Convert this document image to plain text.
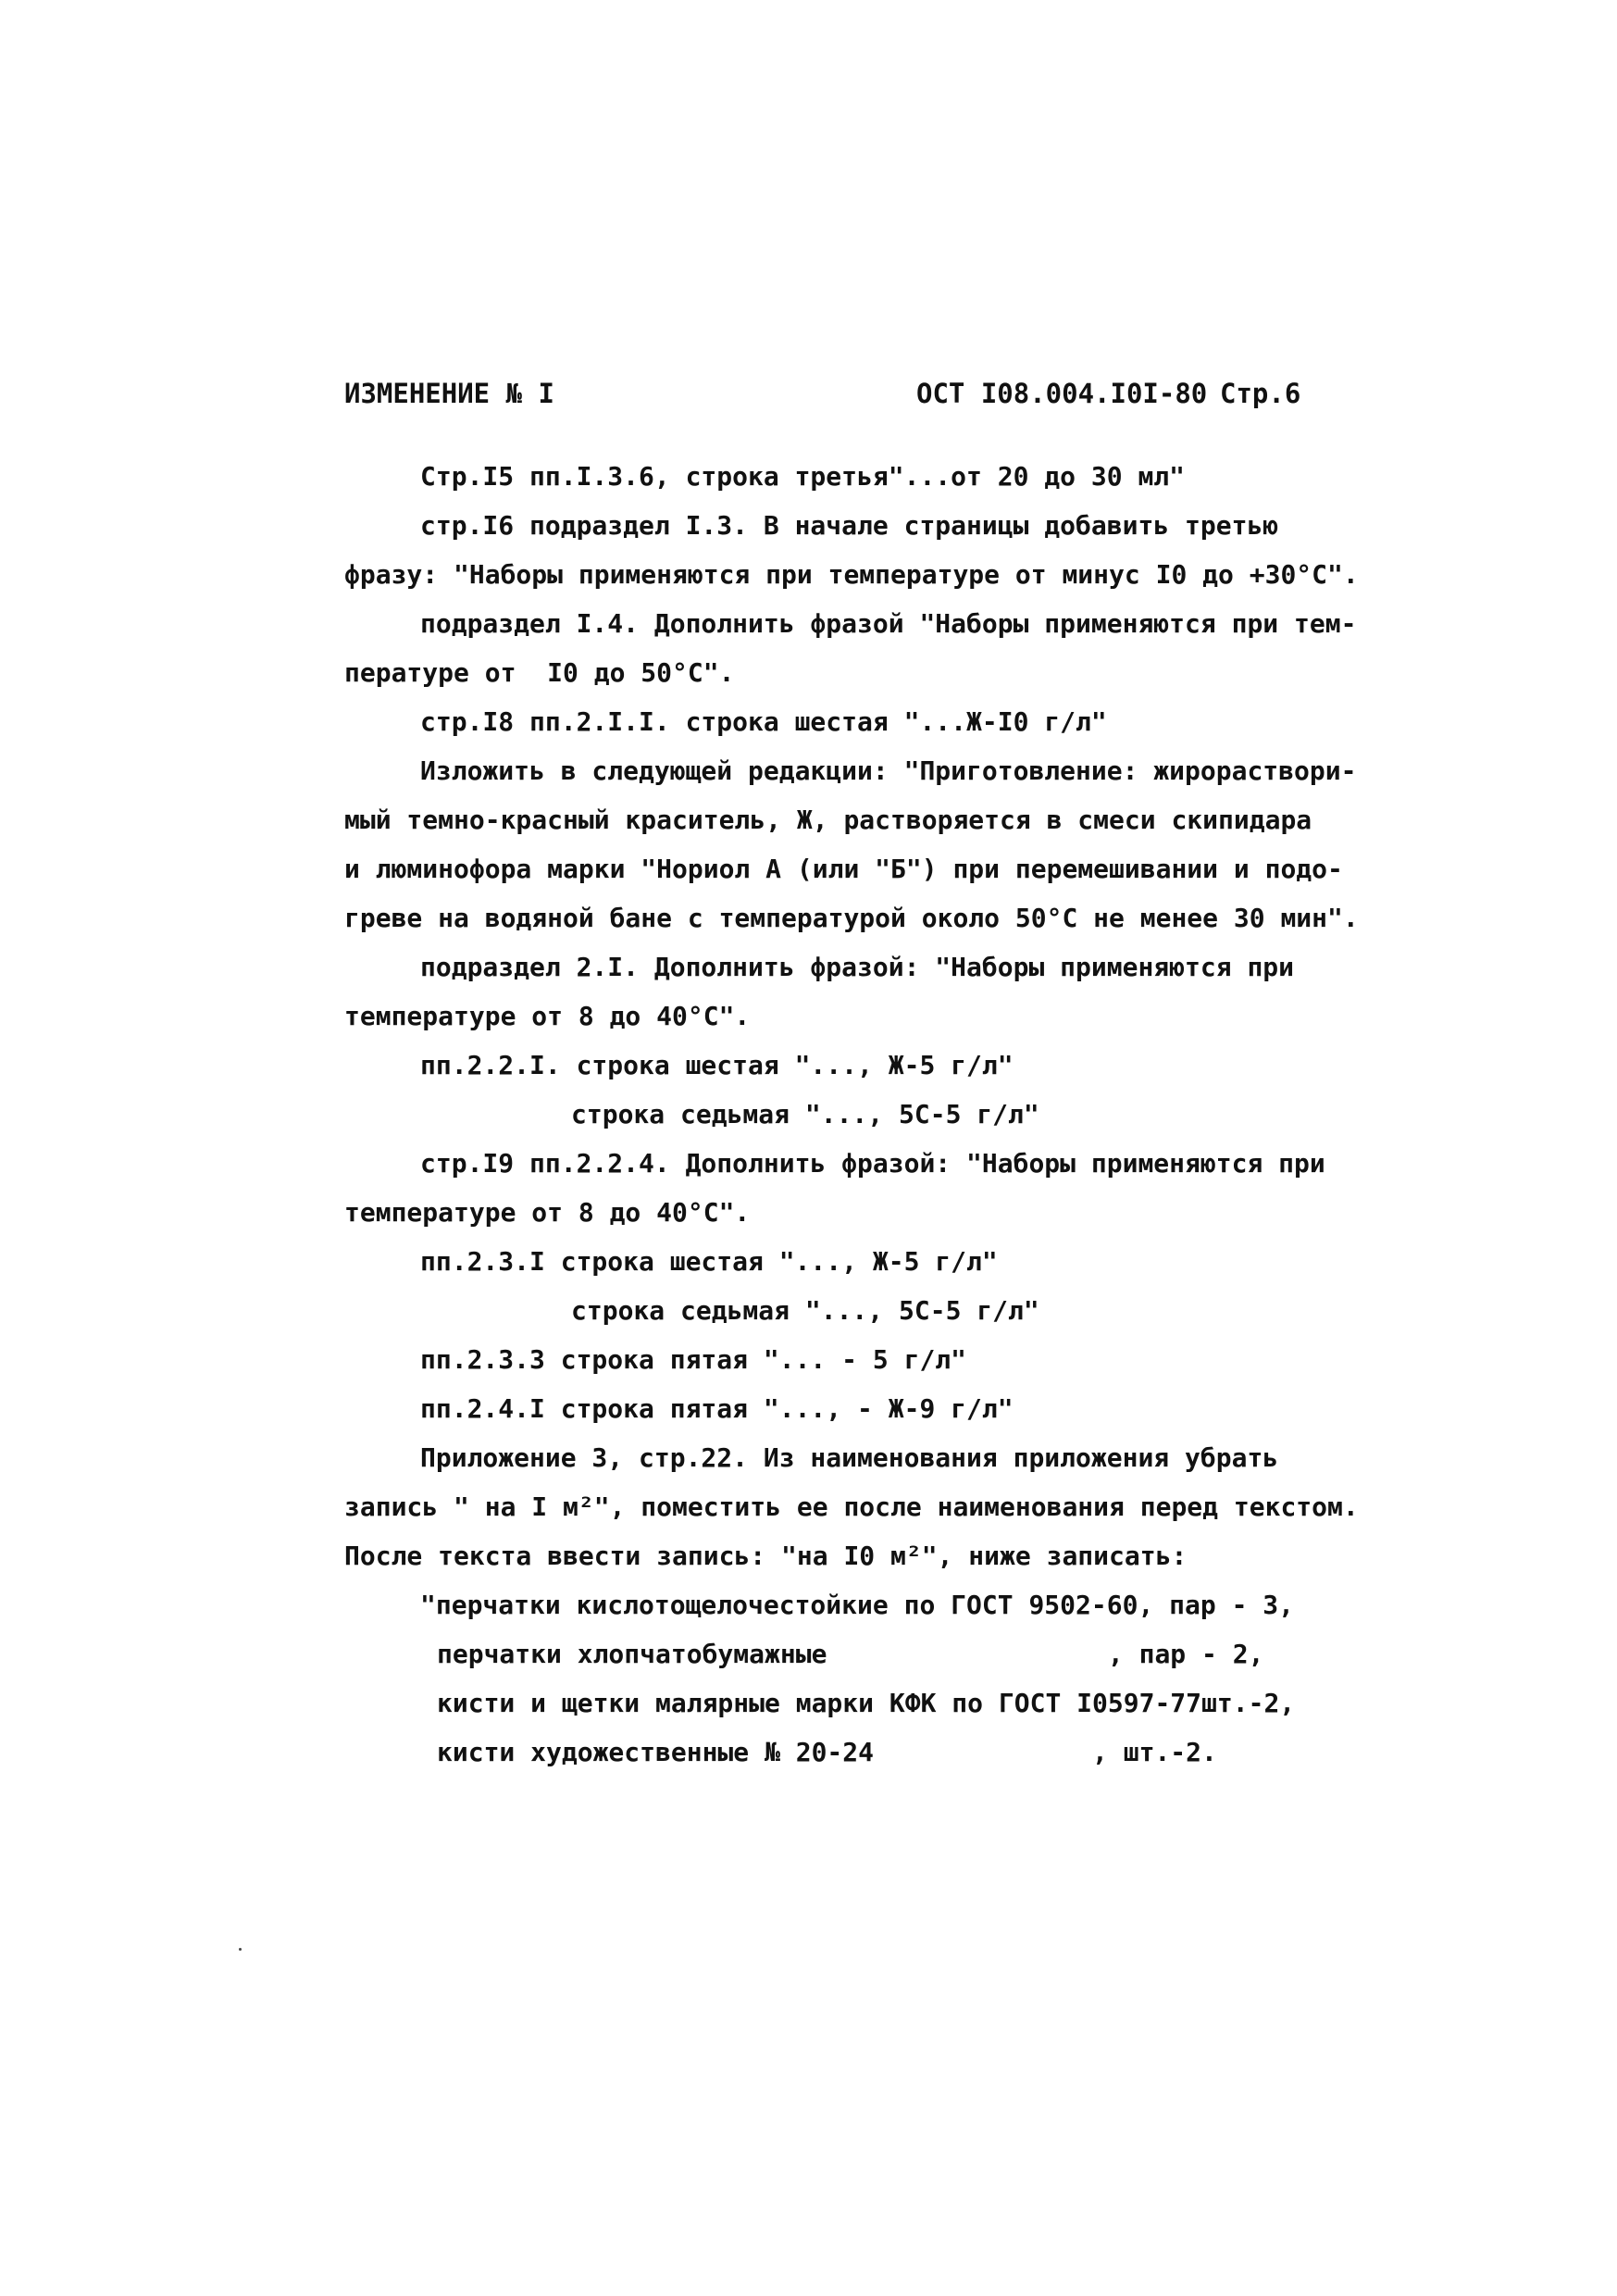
ИЗМЕНЕНИЕ № I	ОСТ I08.004.I0I-80 Стр.6
Стр.I5 пп.I.3.6, строка третья"...от 20 до 30 мл"
стр.I6 подраздел I.3. В начале страницы добавить третью
фразу: "Наборы применяются при температуре от минус I0 до +30°С".
подраздел I.4. Дополнить фразой "Наборы применяются при тем-
пературе от  I0 до 50°С".
стр.I8 пп.2.I.I. строка шестая "...Ж-I0 г/л"
Изложить в следующей редакции: "Приготовление: жирораствори-
мый темно-красный краситель, Ж, растворяется в смеси скипидара
и люминофора марки "Нориол А (или "Б") при перемешивании и подо-
греве на водяной бане с температурой около 50°С не менее 30 мин".
подраздел 2.I. Дополнить фразой: "Наборы применяются при
температуре от 8 до 40°С".
пп.2.2.I. строка шестая "..., Ж-5 г/л"
строка седьмая "..., 5С-5 г/л"
стр.I9 пп.2.2.4. Дополнить фразой: "Наборы применяются при
температуре от 8 до 40°С".
пп.2.3.I строка шестая "..., Ж-5 г/л"
строка седьмая "..., 5С-5 г/л"
пп.2.3.3 строка пятая "... - 5 г/л"
пп.2.4.I строка пятая "..., - Ж-9 г/л"
Приложение 3, стр.22. Из наименования приложения убрать
запись " на I м²", поместить ее после наименования перед текстом.
После текста ввести запись: "на I0 м²", ниже записать:
"перчатки кислотощелочестойкие по ГОСТ 9502-60, пар - 3,
перчатки хлопчатобумажные                  , пар - 2,
кисти и щетки малярные марки КФК по ГОСТ I0597-77шт.-2,
кисти художественные № 20-24              , шт.-2.
